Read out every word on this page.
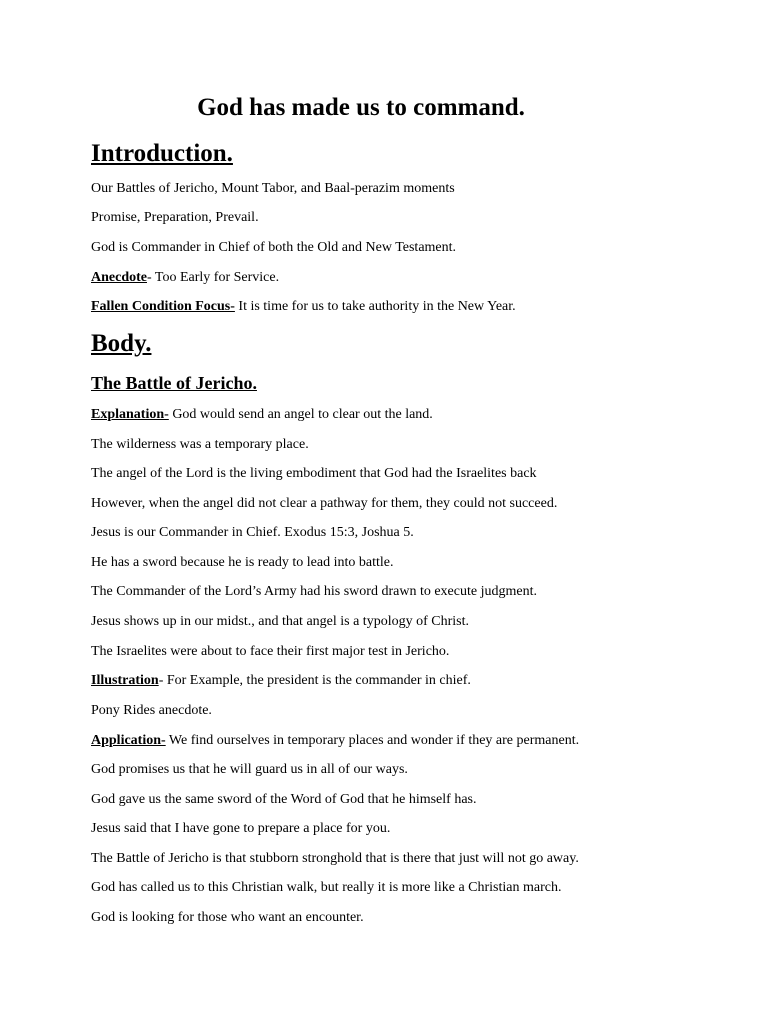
God has made us to command.
Introduction.

Our Battles of Jericho, Mount Tabor, and Baal-perazim moments

Promise, Preparation, Prevail.

God is Commander in Chief of both the Old and New Testament.

Anecdote- Too Early for Service.

Fallen Condition Focus- It is time for us to take authority in the New Year.

Body.
The Battle of Jericho.

Explanation- God would send an angel to clear out the land.

The wilderness was a temporary place.

The angel of the Lord is the living embodiment that God had the Israelites back

However, when the angel did not clear a pathway for them, they could not succeed.

Jesus is our Commander in Chief. Exodus 15:3, Joshua 5.

He has a sword because he is ready to lead into battle.

The Commander of the Lord’s Army had his sword drawn to execute judgment.

Jesus shows up in our midst., and that angel is a typology of Christ.

The Israelites were about to face their first major test in Jericho.

Illustration- For Example, the president is the commander in chief.

Pony Rides anecdote.

Application- We find ourselves in temporary places and wonder if they are permanent.

God promises us that he will guard us in all of our ways.

God gave us the same sword of the Word of God that he himself has.

Jesus said that I have gone to prepare a place for you.

The Battle of Jericho is that stubborn stronghold that is there that just will not go away.

God has called us to this Christian walk, but really it is more like a Christian march.

God is looking for those who want an encounter.
